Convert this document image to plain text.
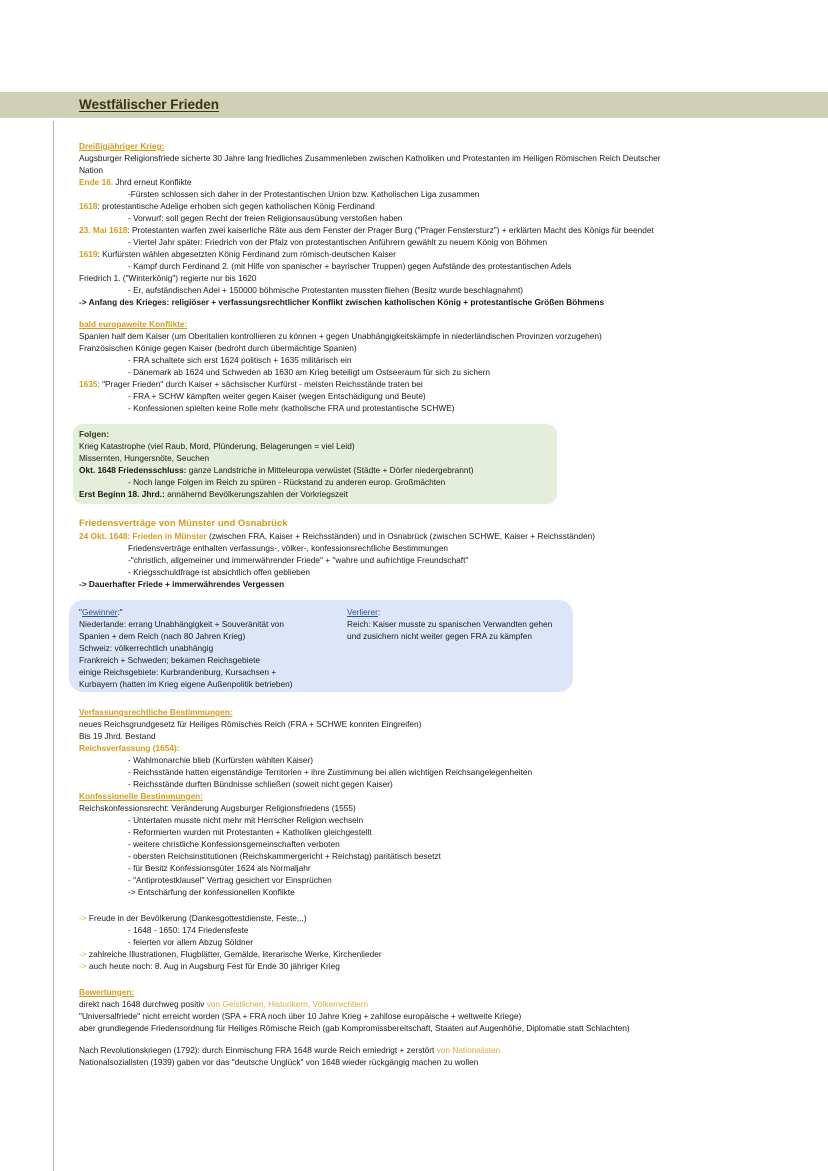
Westfälischer Frieden
Dreißigjähriger Krieg:
Augsburger Religionsfriede sicherte 30 Jahre lang friedliches Zusammenleben zwischen Katholiken und Protestanten im Heiligen Römischen Reich Deutscher
Nation
Ende 16. Jhrd erneut Konflikte
-Fürsten schlossen sich daher in der Protestantischen Union bzw. Katholischen Liga zusammen
1618: protestantische Adelige erhoben sich gegen katholischen König Ferdinand
- Vorwurf: soll gegen Recht der freien Religionsausübung verstoßen haben
23. Mai 1618: Protestanten warfen zwei kaiserliche Räte aus dem Fenster der Prager Burg ("Prager Fenstersturz") + erklärten Macht des Königs für beendet
- Viertel Jahr später: Friedrich von der Pfalz von protestantischen Anführern gewählt zu neuem König von Böhmen
1619: Kurfürsten wählen abgesetzten König Ferdinand zum römisch-deutschen Kaiser
- Kampf durch Ferdinand 2. (mit Hilfe von spanischer + bayrischer Truppen) gegen Aufstände des protestantischen Adels
Friedrich 1. ("Winterkönig") regierte nur bis 1620
- Er, aufständischen Adel + 150000 böhmische Protestanten mussten fliehen (Besitz wurde beschlagnahmt)
-> Anfang des Krieges: religiöser + verfassungsrechtlicher Konflikt zwischen katholischen König + protestantische Größen Böhmens
bald europaweite Konflikte:
Spanien half dem Kaiser (um Oberitalien kontrollieren zu können + gegen Unabhängigkeitskämpfe in niederländischen Provinzen vorzugehen)
Französischen Könige gegen Kaiser (bedroht durch übermächtige Spanien)
- FRA schaltete sich erst 1624 politisch + 1635 militärisch ein
- Dänemark ab 1624 und Schweden ab 1630 am Krieg beteiligt um Ostseeraum für sich zu sichern
1635: "Prager Frieden" durch Kaiser + sächsischer Kurfürst - meisten Reichsstände traten bei
- FRA + SCHW kämpften weiter gegen Kaiser (wegen Entschädigung und Beute)
- Konfessionen spielten keine Rolle mehr (katholische FRA und protestantische SCHWE)
Folgen:
Krieg Katastrophe (viel Raub, Mord, Plünderung, Belagerungen = viel Leid)
Missernten, Hungersnöte, Seuchen
Okt. 1648 Friedensschluss: ganze Landstriche in Mitteleuropa verwüstet (Städte + Dörfer niedergebrannt)
- Noch lange Folgen im Reich zu spüren - Rückstand zu anderen europ. Großmächten
Erst Beginn 18. Jhrd.: annähernd Bevölkerungszahlen der Vorkriegszeit
Friedensverträge von Münster und Osnabrück
24 Okt. 1648: Frieden in Münster (zwischen FRA, Kaiser + Reichsständen) und in Osnabrück (zwischen SCHWE, Kaiser + Reichsständen)
Friedensverträge enthalten verfassungs-, völker-, konfessionsrechtliche Bestimmungen
-"christlich, allgemeiner und immerwährender Friede" + "wahre und aufrichtige Freundschaft"
- Kriegsschuldfrage ist absichtlich offen geblieben
-> Dauerhafter Friede + immerwährendes Vergessen
"Gewinner:"
Niederlande: errang Unabhängigkeit + Souveränität von
Spanien + dem Reich (nach 80 Jahren Krieg)
Schweiz: völkerrechtlich unabhängig
Frankreich + Schweden; bekamen Reichsgebiete
einige Reichsgebiete: Kurbrandenburg, Kursachsen +
Kurbayern (hatten im Krieg eigene Außenpolitik betrieben)
Verlierer:
Reich: Kaiser musste zu spanischen Verwandten gehen und zusichern nicht weiter gegen FRA zu kämpfen
Verfassungsrechtliche Bestimmungen:
neues Reichsgrundgesetz für Heiliges Römisches Reich (FRA + SCHWE konnten Eingreifen)
Bis 19 Jhrd. Bestand
Reichsverfassung (1654):
- Wahlmonarchie blieb (Kurfürsten wählten Kaiser)
- Reichsstände hatten eigenständige Territorien + ihre Zustimmung bei allen wichtigen Reichsangelegenheiten
- Reichsstände durften Bündnisse schließen (soweit nicht gegen Kaiser)
Konfessionelle Bestimmungen:
Reichskonfessionsrecht: Veränderung Augsburger Religionsfriedens (1555)
- Untertaten musste nicht mehr mit Herrscher Religion wechseln
- Reformierten wurden mit Protestanten + Katholiken gleichgestellt
- weitere christliche Konfessionsgemeinschaften verboten
- obersten Reichsinstitutionen (Reichskammergericht + Reichstag) paritätisch besetzt
- für Besitz Konfessionsgüter 1624 als Normaljahr
- "Antiprotestklausel" Vertrag gesichert vor Einsprüchen
-> Entschärfung der konfessionellen Konflikte
-> Freude in der Bevölkerung (Dankesgottestdienste, Feste,..)
- 1648 - 1650: 174 Friedensfeste
- feierten vor allem Abzug Söldner
-> zahlreiche Illustrationen, Flugblätter, Gemälde, literarische Werke, Kirchenlieder
-> auch heute noch: 8. Aug in Augsburg Fest für Ende 30 jähriger Krieg
Bewertungen:
direkt nach 1648 durchweg positiv von Geistlichen, Historikern, Völkerrechtlern
"Universalfriede" nicht erreicht worden (SPA + FRA noch über 10 Jahre Krieg + zahllose europäische + weltweite Kriege)
aber grundlegende Friedensordnung für Heiliges Römische Reich (gab Kompromissbereitschaft, Staaten auf Augenhöhe, Diplomatie statt Schlachten)
Nach Revolutionskriegen (1792): durch Einmischung FRA 1648 wurde Reich erniedrigt + zerstört von Nationalisten
Nationalsozialisten (1939) gaben vor das "deutsche Unglück" von 1648 wieder rückgängig machen zu wollen
